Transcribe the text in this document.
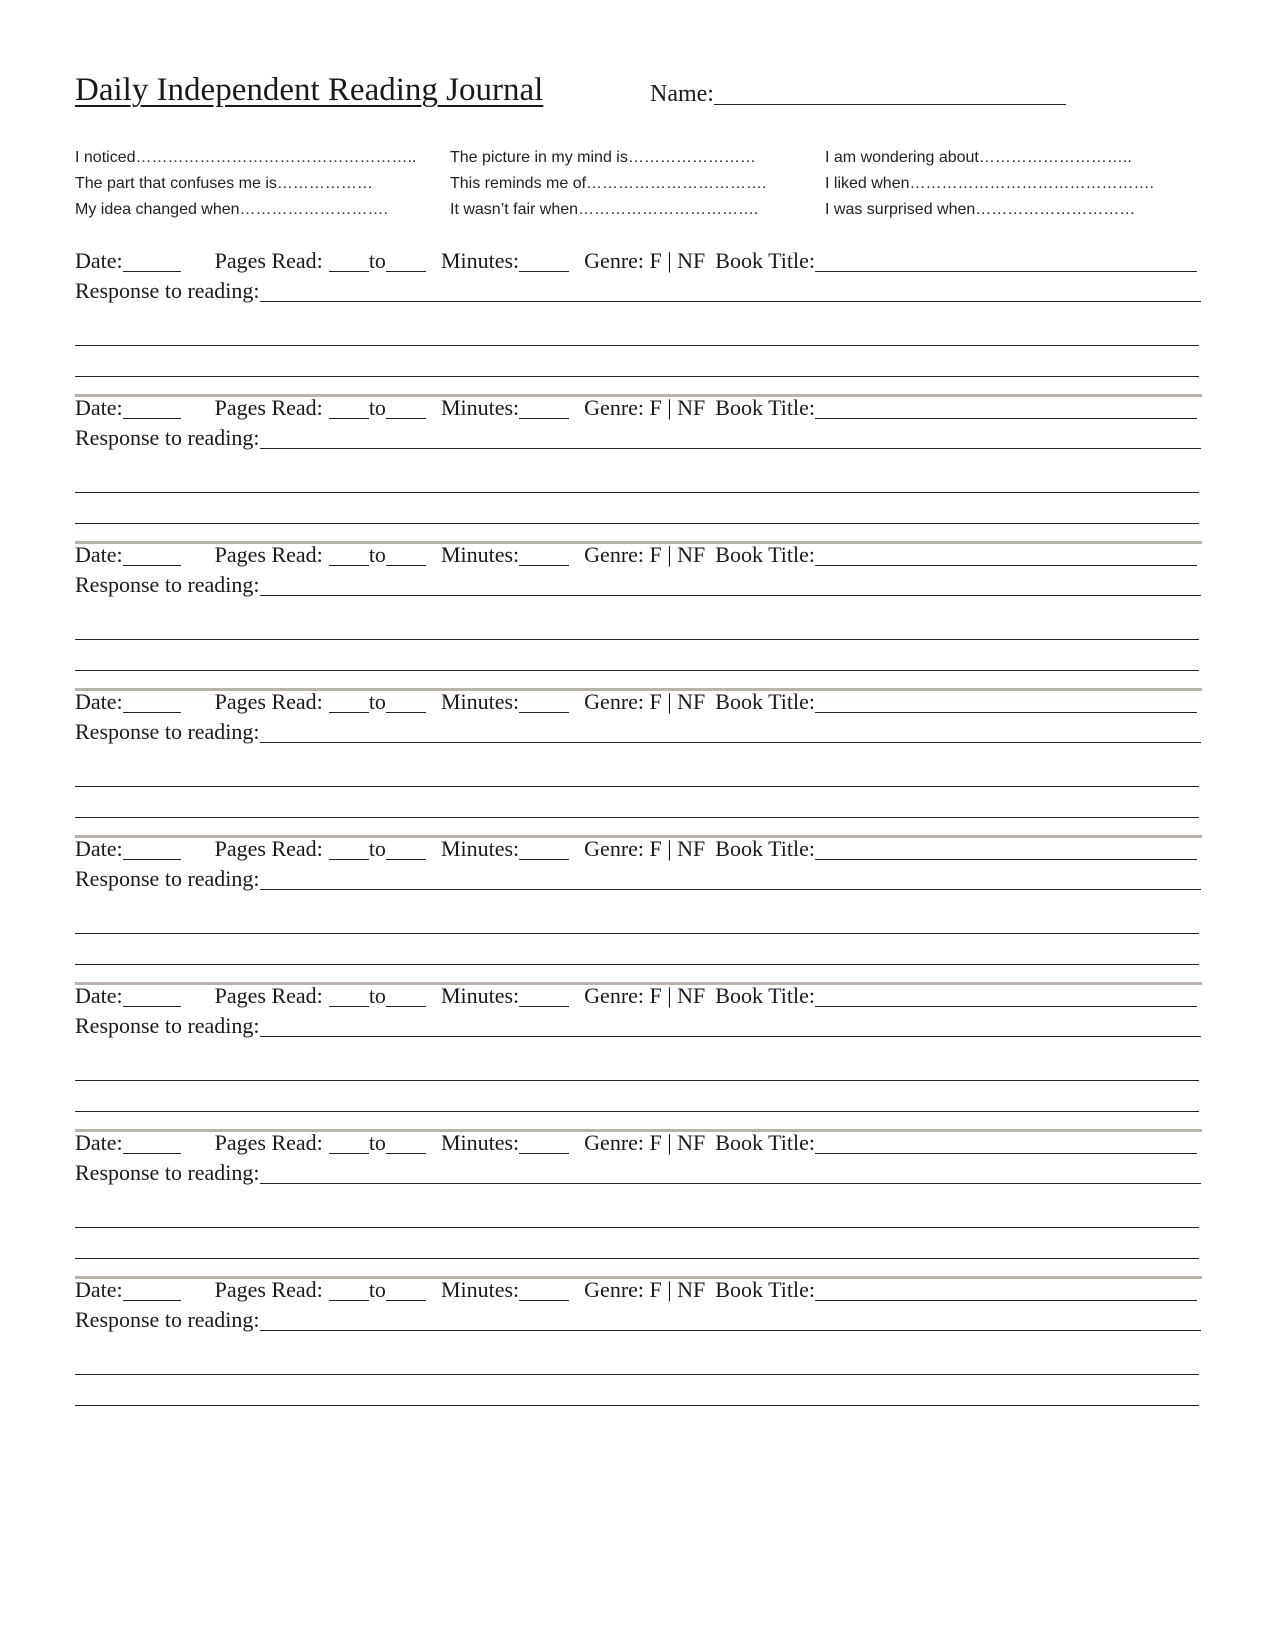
Daily Independent Reading Journal	Name:
I noticed……………………………………………..	The picture in my mind is……………………	I am wondering about………………………..
The part that confuses me is………………	This reminds me of…………………………….	I liked when……………………………………….
My idea changed when……………………….	It wasn’t fair when…………………………….	I was surprised when…………………………
Date:	Pages Read: to	Minutes:	Genre: F | NF Book Title:
Response to reading:
Date:	Pages Read: to	Minutes:	Genre: F | NF Book Title:
Response to reading:
Date:	Pages Read: to	Minutes:	Genre: F | NF Book Title:
Response to reading:
Date:	Pages Read: to	Minutes:	Genre: F | NF Book Title:
Response to reading:
Date:	Pages Read: to	Minutes:	Genre: F | NF Book Title:
Response to reading:
Date:	Pages Read: to	Minutes:	Genre: F | NF Book Title:
Response to reading:
Date:	Pages Read: to	Minutes:	Genre: F | NF Book Title:
Response to reading:
Date:	Pages Read: to	Minutes:	Genre: F | NF Book Title:
Response to reading:
